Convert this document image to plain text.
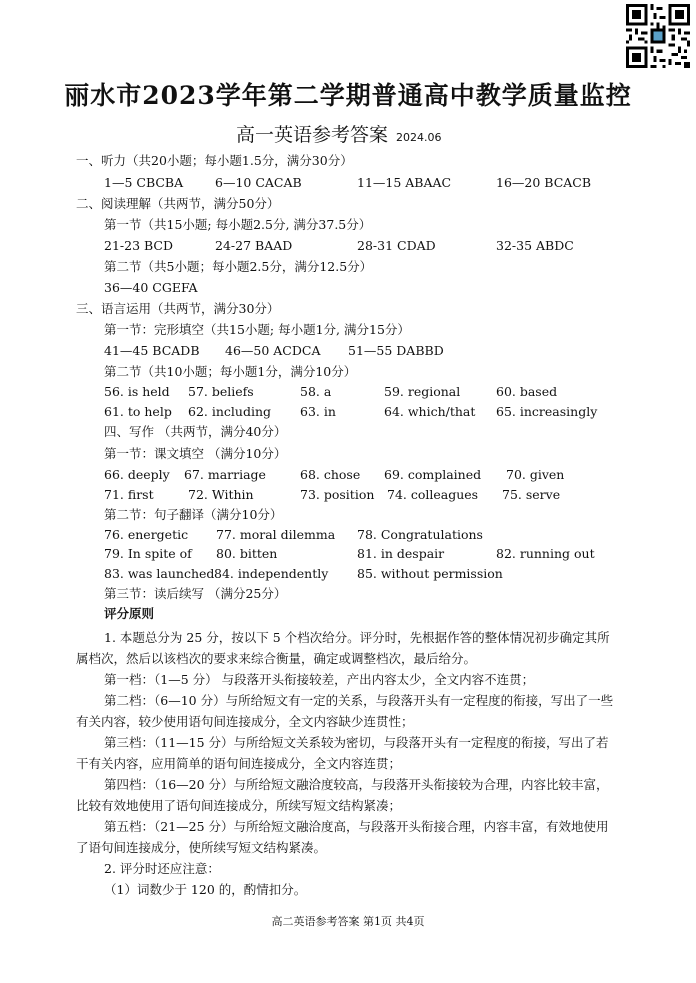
丽水市2023学年第二学期普通高中教学质量监控
高一英语参考答案 2024.06
一、听力（共20小题；每小题1.5分，满分30分）
1—5 CBCBA	6—10 CACAB	11—15 ABAAC	16—20 BCACB
二、阅读理解（共两节，满分50分）
第一节（共15小题; 每小题2.5分, 满分37.5分）
21-23 BCD	24-27 BAAD	28-31 CDAD	32-35 ABDC
第二节（共5小题；每小题2.5分，满分12.5分）
36—40 CGEFA
三、语言运用（共两节，满分30分）
第一节：完形填空（共15小题; 每小题1分, 满分15分）
41—45 BCADB 46—50 ACDCA 51—55 DABBD
第二节（共10小题；每小题1分，满分10分）
56. is held 57. beliefs	58. a	59. regional	60. based
61. to help 62. including 63. in	64. which/that 65. increasingly
四、写作 （共两节，满分40分）
第一节：课文填空 （满分10分）
66. deeply 67. marriage	68. chose 69. complained 70. given
71. first	72. Within	73. position 74. colleagues 75. serve
第二节：句子翻译（满分10分）
76. energetic 77. moral dilemma 78. Congratulations
79. In spite of 80. bitten	81. in despair	82. running out
83. was launched 84. independently 85. without permission
第三节：读后续写 （满分25分）
评分原则

1. 本题总分为 25 分，按以下 5 个档次给分。评分时，先根据作答的整体情况初步确定其所属档次，然后以该档次的要求来综合衡量，确定或调整档次，最后给分。

第一档：（1—5 分） 与段落开头衔接较差，产出内容太少，全文内容不连贯；

第二档：（6—10 分）与所给短文有一定的关系，与段落开头有一定程度的衔接，写出了一些有关内容，较少使用语句间连接成分，全文内容缺少连贯性；

第三档：（11—15 分）与所给短文关系较为密切，与段落开头有一定程度的衔接，写出了若干有关内容，应用简单的语句间连接成分，全文内容连贯；

第四档：（16—20 分）与所给短文融洽度较高，与段落开头衔接较为合理，内容比较丰富，比较有效地使用了语句间连接成分，所续写短文结构紧凑；

第五档：（21—25 分）与所给短文融洽度高，与段落开头衔接合理，内容丰富，有效地使用了语句间连接成分，使所续写短文结构紧凑。

2. 评分时还应注意：

（1）词数少于 120 的，酌情扣分。

高二英语参考答案 第1页 共4页
